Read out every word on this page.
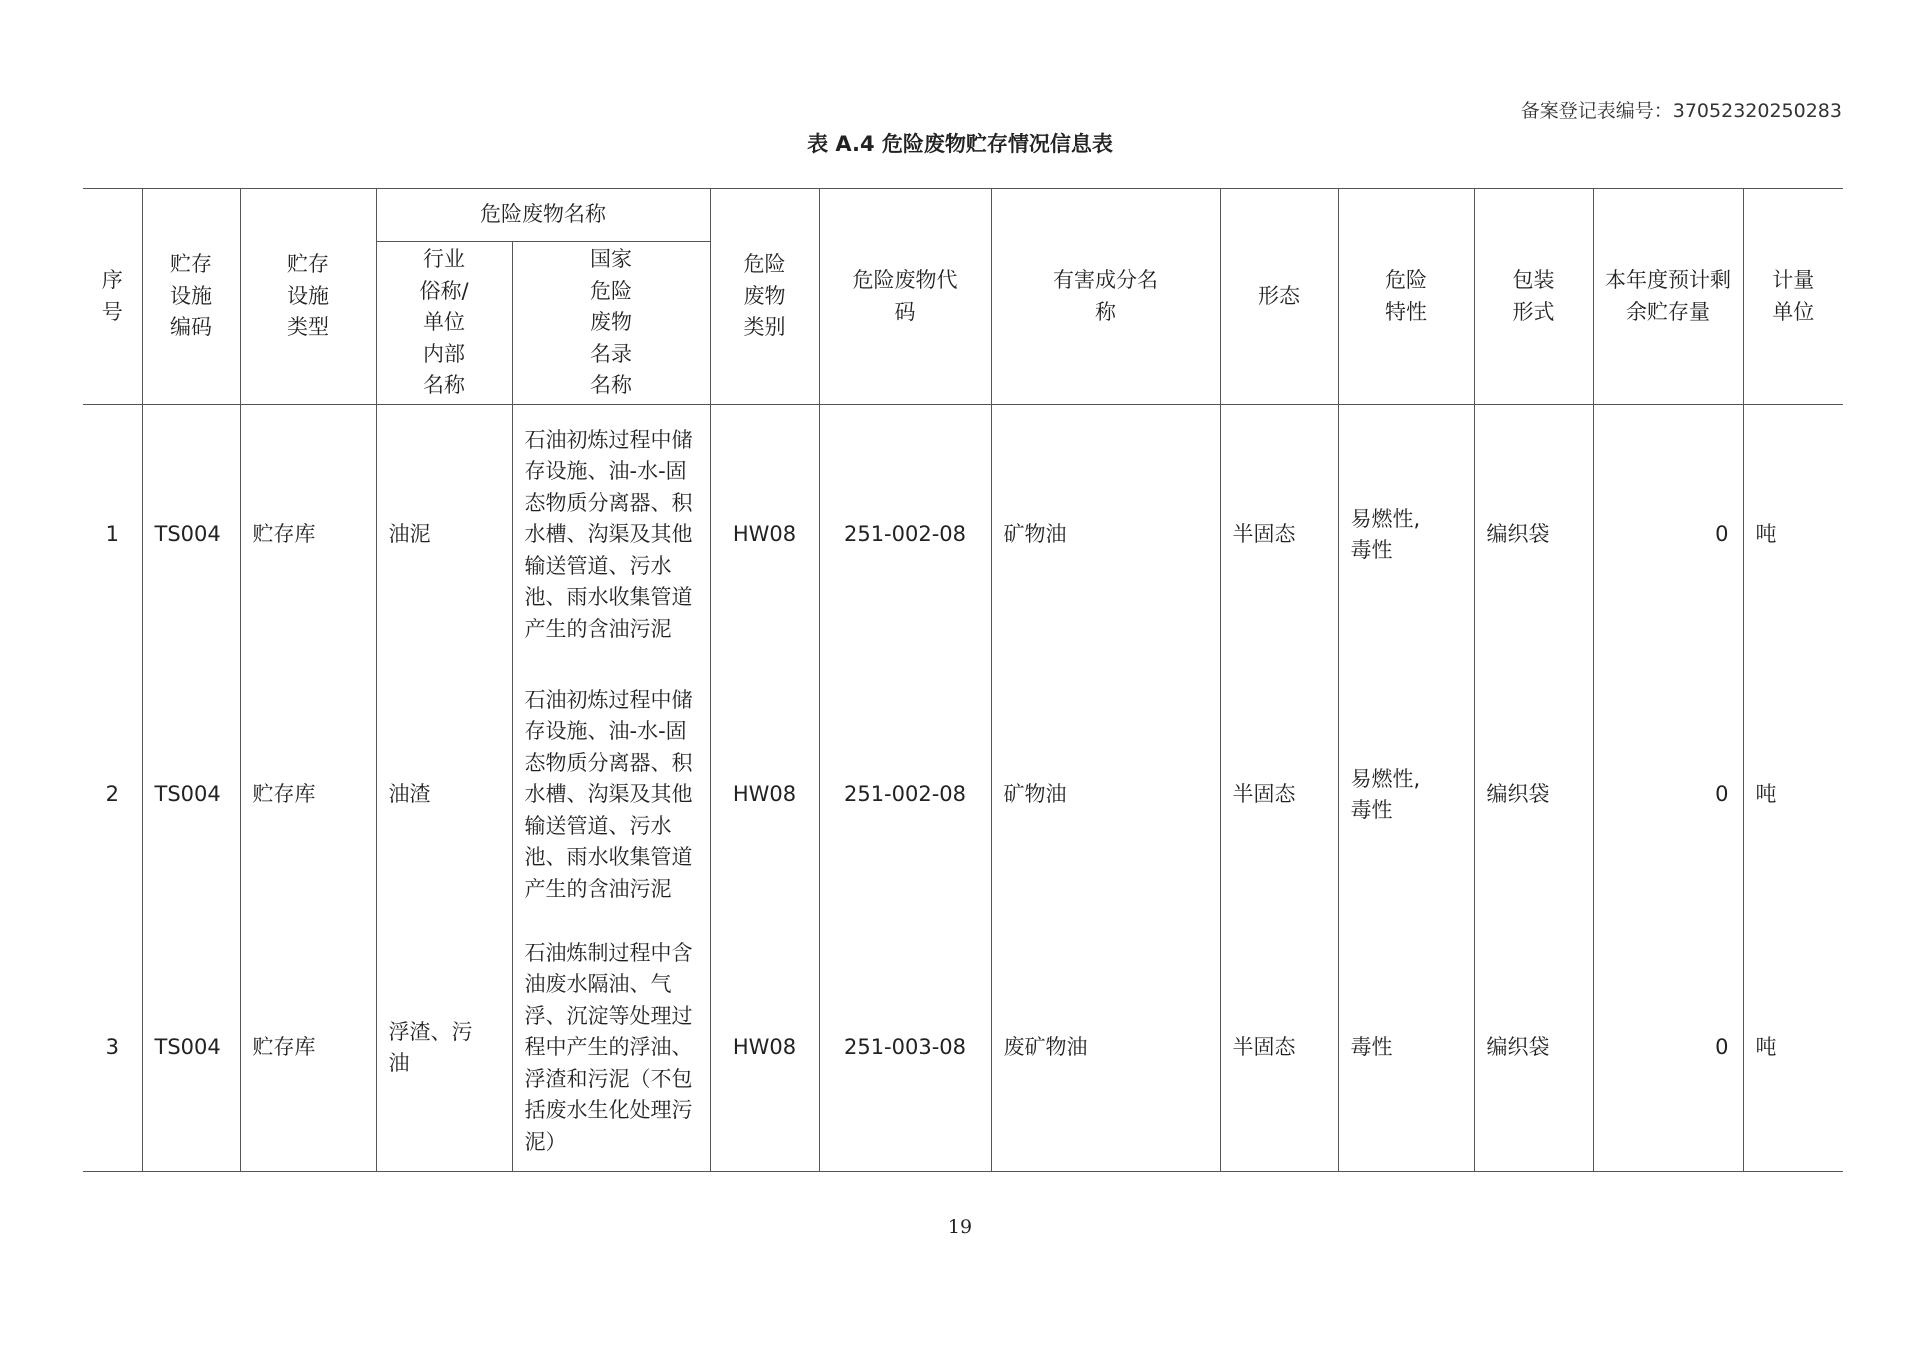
备案登记表编号：37052320250283
表 A.4 危险废物贮存情况信息表
序号	贮存设施编码	贮存设施类型	危险废物名称		危险废物类别	危险废物代码	有害成分名称	形态	危险特性	包装形式	本年度预计剩余贮存量	计量单位
			行业俗称/单位内部名称	国家危险废物名录名称								
1	TS004	贮存库	油泥	石油初炼过程中储存设施、油-水-固态物质分离器、积水槽、沟渠及其他输送管道、污水池、雨水收集管道产生的含油污泥	HW08	251-002-08	矿物油	半固态	易燃性,毒性	编织袋	0	吨
2	TS004	贮存库	油渣	石油初炼过程中储存设施、油-水-固态物质分离器、积水槽、沟渠及其他输送管道、污水池、雨水收集管道产生的含油污泥	HW08	251-002-08	矿物油	半固态	易燃性,毒性	编织袋	0	吨
3	TS004	贮存库	浮渣、污油	石油炼制过程中含油废水隔油、气浮、沉淀等处理过程中产生的浮油、浮渣和污泥（不包括废水生化处理污泥）	HW08	251-003-08	废矿物油	半固态	毒性	编织袋	0	吨
19
